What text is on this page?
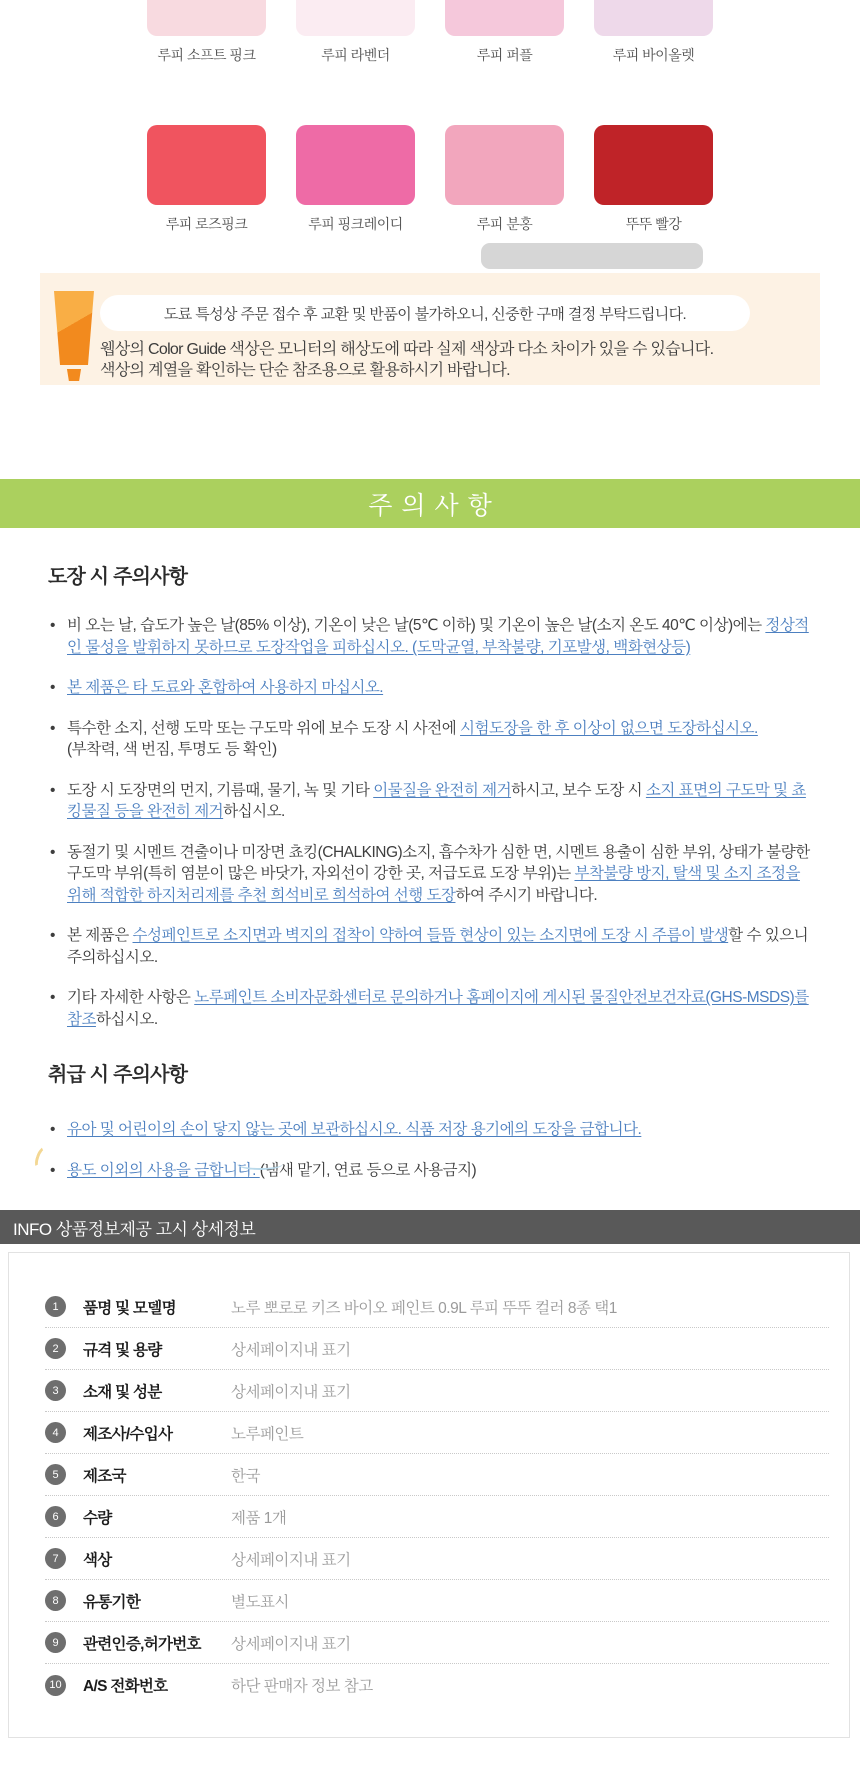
루피 소프트 핑크	루피 라벤더	루피 퍼플	루피 바이올렛
루피 로즈핑크	루피 핑크레이디	루피 분홍	뚜뚜 빨강
도료 특성상 주문 접수 후 교환 및 반품이 불가하오니, 신중한 구매 결정 부탁드립니다.
웹상의 Color Guide 색상은 모니터의 해상도에 따라 실제 색상과 다소 차이가 있을 수 있습니다.
색상의 계열을 확인하는 단순 참조용으로 활용하시기 바랍니다.
주의사항
도장 시 주의사항
• 비 오는 날, 습도가 높은 날(85% 이상), 기온이 낮은 날(5℃ 이하) 및 기온이 높은 날(소지 온도 40℃ 이상)에는 정상적인 물성을 발휘하지 못하므로 도장작업을 피하십시오. (도막균열, 부착불량, 기포발생, 백화현상등)
• 본 제품은 타 도료와 혼합하여 사용하지 마십시오.
• 특수한 소지, 선행 도막 또는 구도막 위에 보수 도장 시 사전에 시험도장을 한 후 이상이 없으면 도장하십시오.
(부착력, 색 번짐, 투명도 등 확인)
• 도장 시 도장면의 먼지, 기름때, 물기, 녹 및 기타 이물질을 완전히 제거하시고, 보수 도장 시 소지 표면의 구도막 및 쵸킹물질 등을 완전히 제거하십시오.
• 동절기 및 시멘트 견출이나 미장면 쵸킹(CHALKING)소지, 흡수차가 심한 면, 시멘트 용출이 심한 부위, 상태가 불량한 구도막 부위(특히 염분이 많은 바닷가, 자외선이 강한 곳, 저급도료 도장 부위)는 부착불량 방지, 탈색 및 소지 조정을 위해 적합한 하지처리제를 추천 희석비로 희석하여 선행 도장하여 주시기 바랍니다.
• 본 제품은 수성페인트로 소지면과 벽지의 접착이 약하여 들뜸 현상이 있는 소지면에 도장 시 주름이 발생할 수 있으니 주의하십시오.
• 기타 자세한 사항은 노루페인트 소비자문화센터로 문의하거나 홈페이지에 게시된 물질안전보건자료(GHS-MSDS)를 참조하십시오.
취급 시 주의사항
• 유아 및 어린이의 손이 닿지 않는 곳에 보관하십시오. 식품 저장 용기에의 도장을 금합니다.
• 용도 이외의 사용을 금합니다. (냄새 맡기, 연료 등으로 사용금지)
INFO 상품정보제공 고시 상세정보
1	품명 및 모델명	노루 뽀로로 키즈 바이오 페인트 0.9L 루피 뚜뚜 컬러 8종 택1
2	규격 및 용량	상세페이지내 표기
3	소재 및 성분	상세페이지내 표기
4	제조사/수입사	노루페인트
5	제조국	한국
6	수량	제품 1개
7	색상	상세페이지내 표기
8	유통기한	별도표시
9	관련인증,허가번호	상세페이지내 표기
10 A/S 전화번호	하단 판매자 정보 참고
